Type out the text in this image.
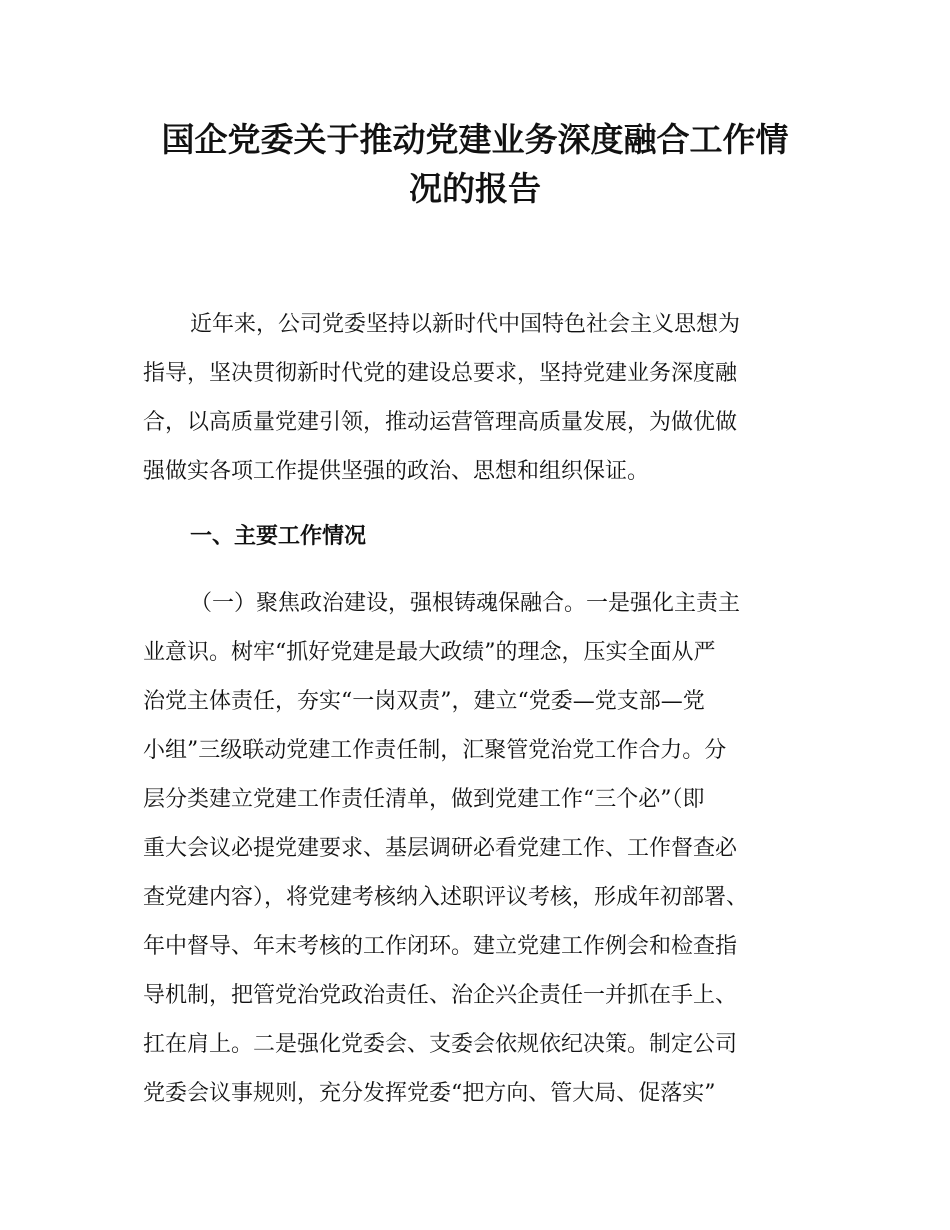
国企党委关于推动党建业务深度融合工作情
况的报告
近年来，公司党委坚持以新时代中国特色社会主义思想为
指导，坚决贯彻新时代党的建设总要求，坚持党建业务深度融
合，以高质量党建引领，推动运营管理高质量发展，为做优做
强做实各项工作提供坚强的政治、思想和组织保证。
一、主要工作情况
（一）聚焦政治建设，强根铸魂保融合。一是强化主责主
业意识。树牢“抓好党建是最大政绩”的理念，压实全面从严
治党主体责任，夯实“一岗双责”，建立“党委—党支部—党
小组”三级联动党建工作责任制，汇聚管党治党工作合力。分
层分类建立党建工作责任清单，做到党建工作“三个必”（即
重大会议必提党建要求、基层调研必看党建工作、工作督查必
查党建内容），将党建考核纳入述职评议考核，形成年初部署、
年中督导、年末考核的工作闭环。建立党建工作例会和检查指
导机制，把管党治党政治责任、治企兴企责任一并抓在手上、
扛在肩上。二是强化党委会、支委会依规依纪决策。制定公司
党委会议事规则，充分发挥党委“把方向、管大局、促落实”
